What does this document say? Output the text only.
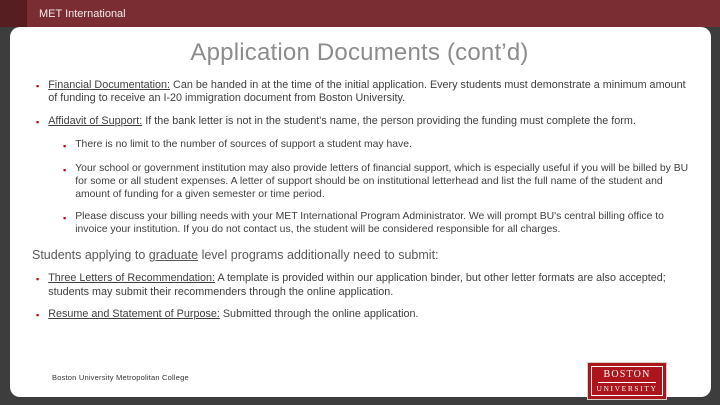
MET International
Application Documents (cont’d)
▪ Financial Documentation: Can be handed in at the time of the initial application. Every students must demonstrate a minimum amount of funding to receive an I-20 immigration document from Boston University.

▪ Affidavit of Support: If the bank letter is not in the student's name, the person providing the funding must complete the form.

▪ There is no limit to the number of sources of support a student may have.

▪ Your school or government institution may also provide letters of financial support, which is especially useful if you will be billed by BU for some or all student expenses. A letter of support should be on institutional letterhead and list the full name of the student and amount of funding for a given semester or time period.

▪ Please discuss your billing needs with your MET International Program Administrator. We will prompt BU's central billing office to invoice your institution. If you do not contact us, the student will be considered responsible for all charges.

Students applying to graduate level programs additionally need to submit:

▪ Three Letters of Recommendation: A template is provided within our application binder, but other letter formats are also accepted; students may submit their recommenders through the online application.

▪ Resume and Statement of Purpose: Submitted through the online application.

Boston University Metropolitan College	BOSTON
UNIVERSITY
